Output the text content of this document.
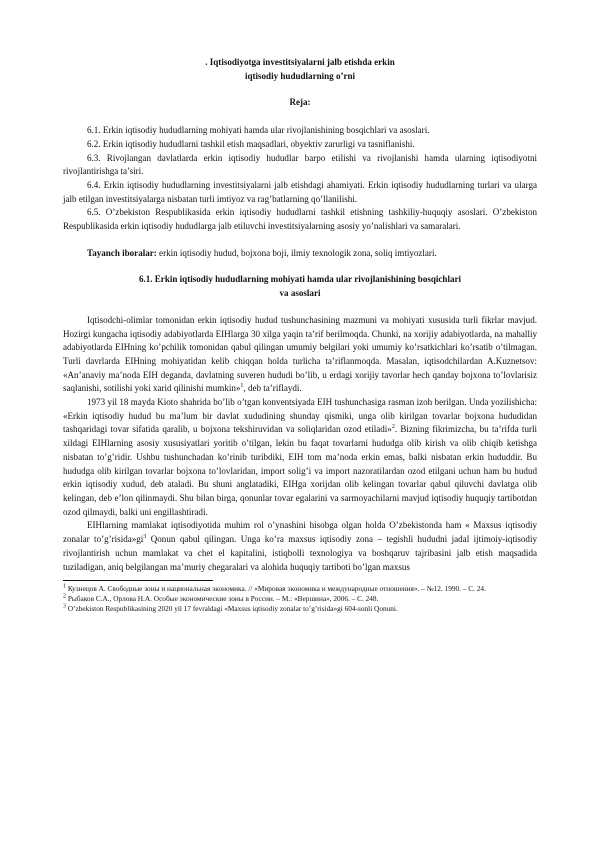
. Iqtisodiyotga investitsiyalarni jalb etishda erkin
iqtisodiy hududlarning o’rni
Reja:

6.1. Erkin iqtisodiy hududlarning mohiyati hamda ular rivojlanishining bosqichlari va asoslari.

6.2. Erkin iqtisodiy hududlarni tashkil etish maqsadlari, obyektiv zarurligi va tasniflanishi.

6.3. Rivojlangan davlatlarda erkin iqtisodiy hududlar barpo etilishi va rivojlanishi hamda ularning iqtisodiyotni rivojlantirishga ta’siri.

6.4. Erkin iqtisodiy hududlarning investitsiyalarni jalb etishdagi ahamiyati. Erkin iqtisodiy hududlarning turlari va ularga jalb etilgan investitsiyalarga nisbatan turli imtiyoz va rag’batlarning qo’llanilishi.

6.5. O’zbekiston Respublikasida erkin iqtisodiy hududlarni tashkil etishning tashkiliy-huquqiy asoslari. O’zbekiston Respublikasida erkin iqtisodiy hududlarga jalb etiluvchi investitsiyalarning asosiy yo’nalishlari va samaralari.

Tayanch iboralar: erkin iqtisodiy hudud, bojxona boji, ilmiy texnologik zona, soliq imtiyozlari.

6.1. Erkin iqtisodiy hududlarning mohiyati hamda ular rivojlanishining bosqichlari
va asoslari

Iqtisodchi-olimlar tomonidan erkin iqtisodiy hudud tushunchasining mazmuni va mohiyati xususida turli fikrlar mavjud. Hozirgi kungacha iqtisodiy adabiyotlarda EIHlarga 30 xilga yaqin ta’rif berilmoqda. Chunki, na xorijiy adabiyotlarda, na mahalliy adabiyotlarda EIHning ko’pchilik tomonidan qabul qilingan umumiy belgilari yoki umumiy ko’rsatkichlari ko’rsatib o’tilmagan. Turli davrlarda EIHning mohiyatidan kelib chiqqan holda turlicha ta’riflanmoqda. Masalan, iqtisodchilardan A.Kuznetsov: «An’anaviy ma’noda EIH deganda, davlatning suveren hududi bo’lib, u erdagi xorijiy tavorlar hech qanday bojxona to’lovlarisiz saqlanishi, sotilishi yoki xarid qilinishi mumkin»$^1$, deb ta’riflaydi.

1973 yil 18 mayda Kioto shahrida bo’lib o’tgan konventsiyada EIH tushunchasiga rasman izoh berilgan. Unda yozilishicha: «Erkin iqtisodiy hudud bu ma’lum bir davlat xududining shunday qismiki, unga olib kirilgan tovarlar bojxona hududidan tashqaridagi tovar sifatida qaralib, u bojxona tekshiruvidan va soliqlaridan ozod etiladi»$^2$. Bizning fikrimizcha, bu ta’rifda turli xildagi EIHlarning asosiy xususiyatlari yoritib o’tilgan, lekin bu faqat tovarlarni hududga olib kirish va olib chiqib ketishga nisbatan to’g’ridir. Ushbu tushunchadan ko’rinib turibdiki, EIH tom ma’noda erkin emas, balki nisbatan erkin hududdir. Bu hududga olib kirilgan tovarlar bojxona to’lovlaridan, import solig’i va import nazoratilardan ozod etilgani uchun ham bu hudud erkin iqtisodiy xudud, deb ataladi. Bu shuni anglatadiki, EIHga xorijdan olib kelingan tovarlar qabul qiluvchi davlatga olib kelingan, deb e’lon qilinmaydi. Shu bilan birga, qonunlar tovar egalarini va sarmoyachilarni mavjud iqtisodiy huquqiy tartibotdan ozod qilmaydi, balki uni engillashtiradi.

EIHlarning mamlakat iqtisodiyotida muhim rol o’ynashini hisobga olgan holda O’zbekistonda ham « Maxsus iqtisodiy zonalar $to’g’risida»gi^3$ Qonun qabul qilingan. Unga ko’ra maxsus iqtisodiy zona – tegishli hududni jadal ijtimoiy-iqtisodiy rivojlantirish uchun mamlakat va chet el kapitalini, istiqbolli texnologiya va boshqaruv tajribasini jalb etish maqsadida tuziladigan, aniq belgilangan ma’muriy chegaralari va alohida huquqiy tartiboti bo’lgan maxsus

$^1$ Кузнецов А. Свободные зоны и национальная экономика. // «Мировая экономика и международные отношения». – №12. 1990. – С. 24.

$^2$ Рыбаков С.А., Орлова Н.А. Особые экономические зоны в России. – М.: «Вершина», 2006. – С. 248.

$^3$ O’zbekiston Respublikasining 2020 yil 17 fevraldagi «Maxsus iqtisodiy zonalar to’g’risida»gi 604-sonli Qonuni.
